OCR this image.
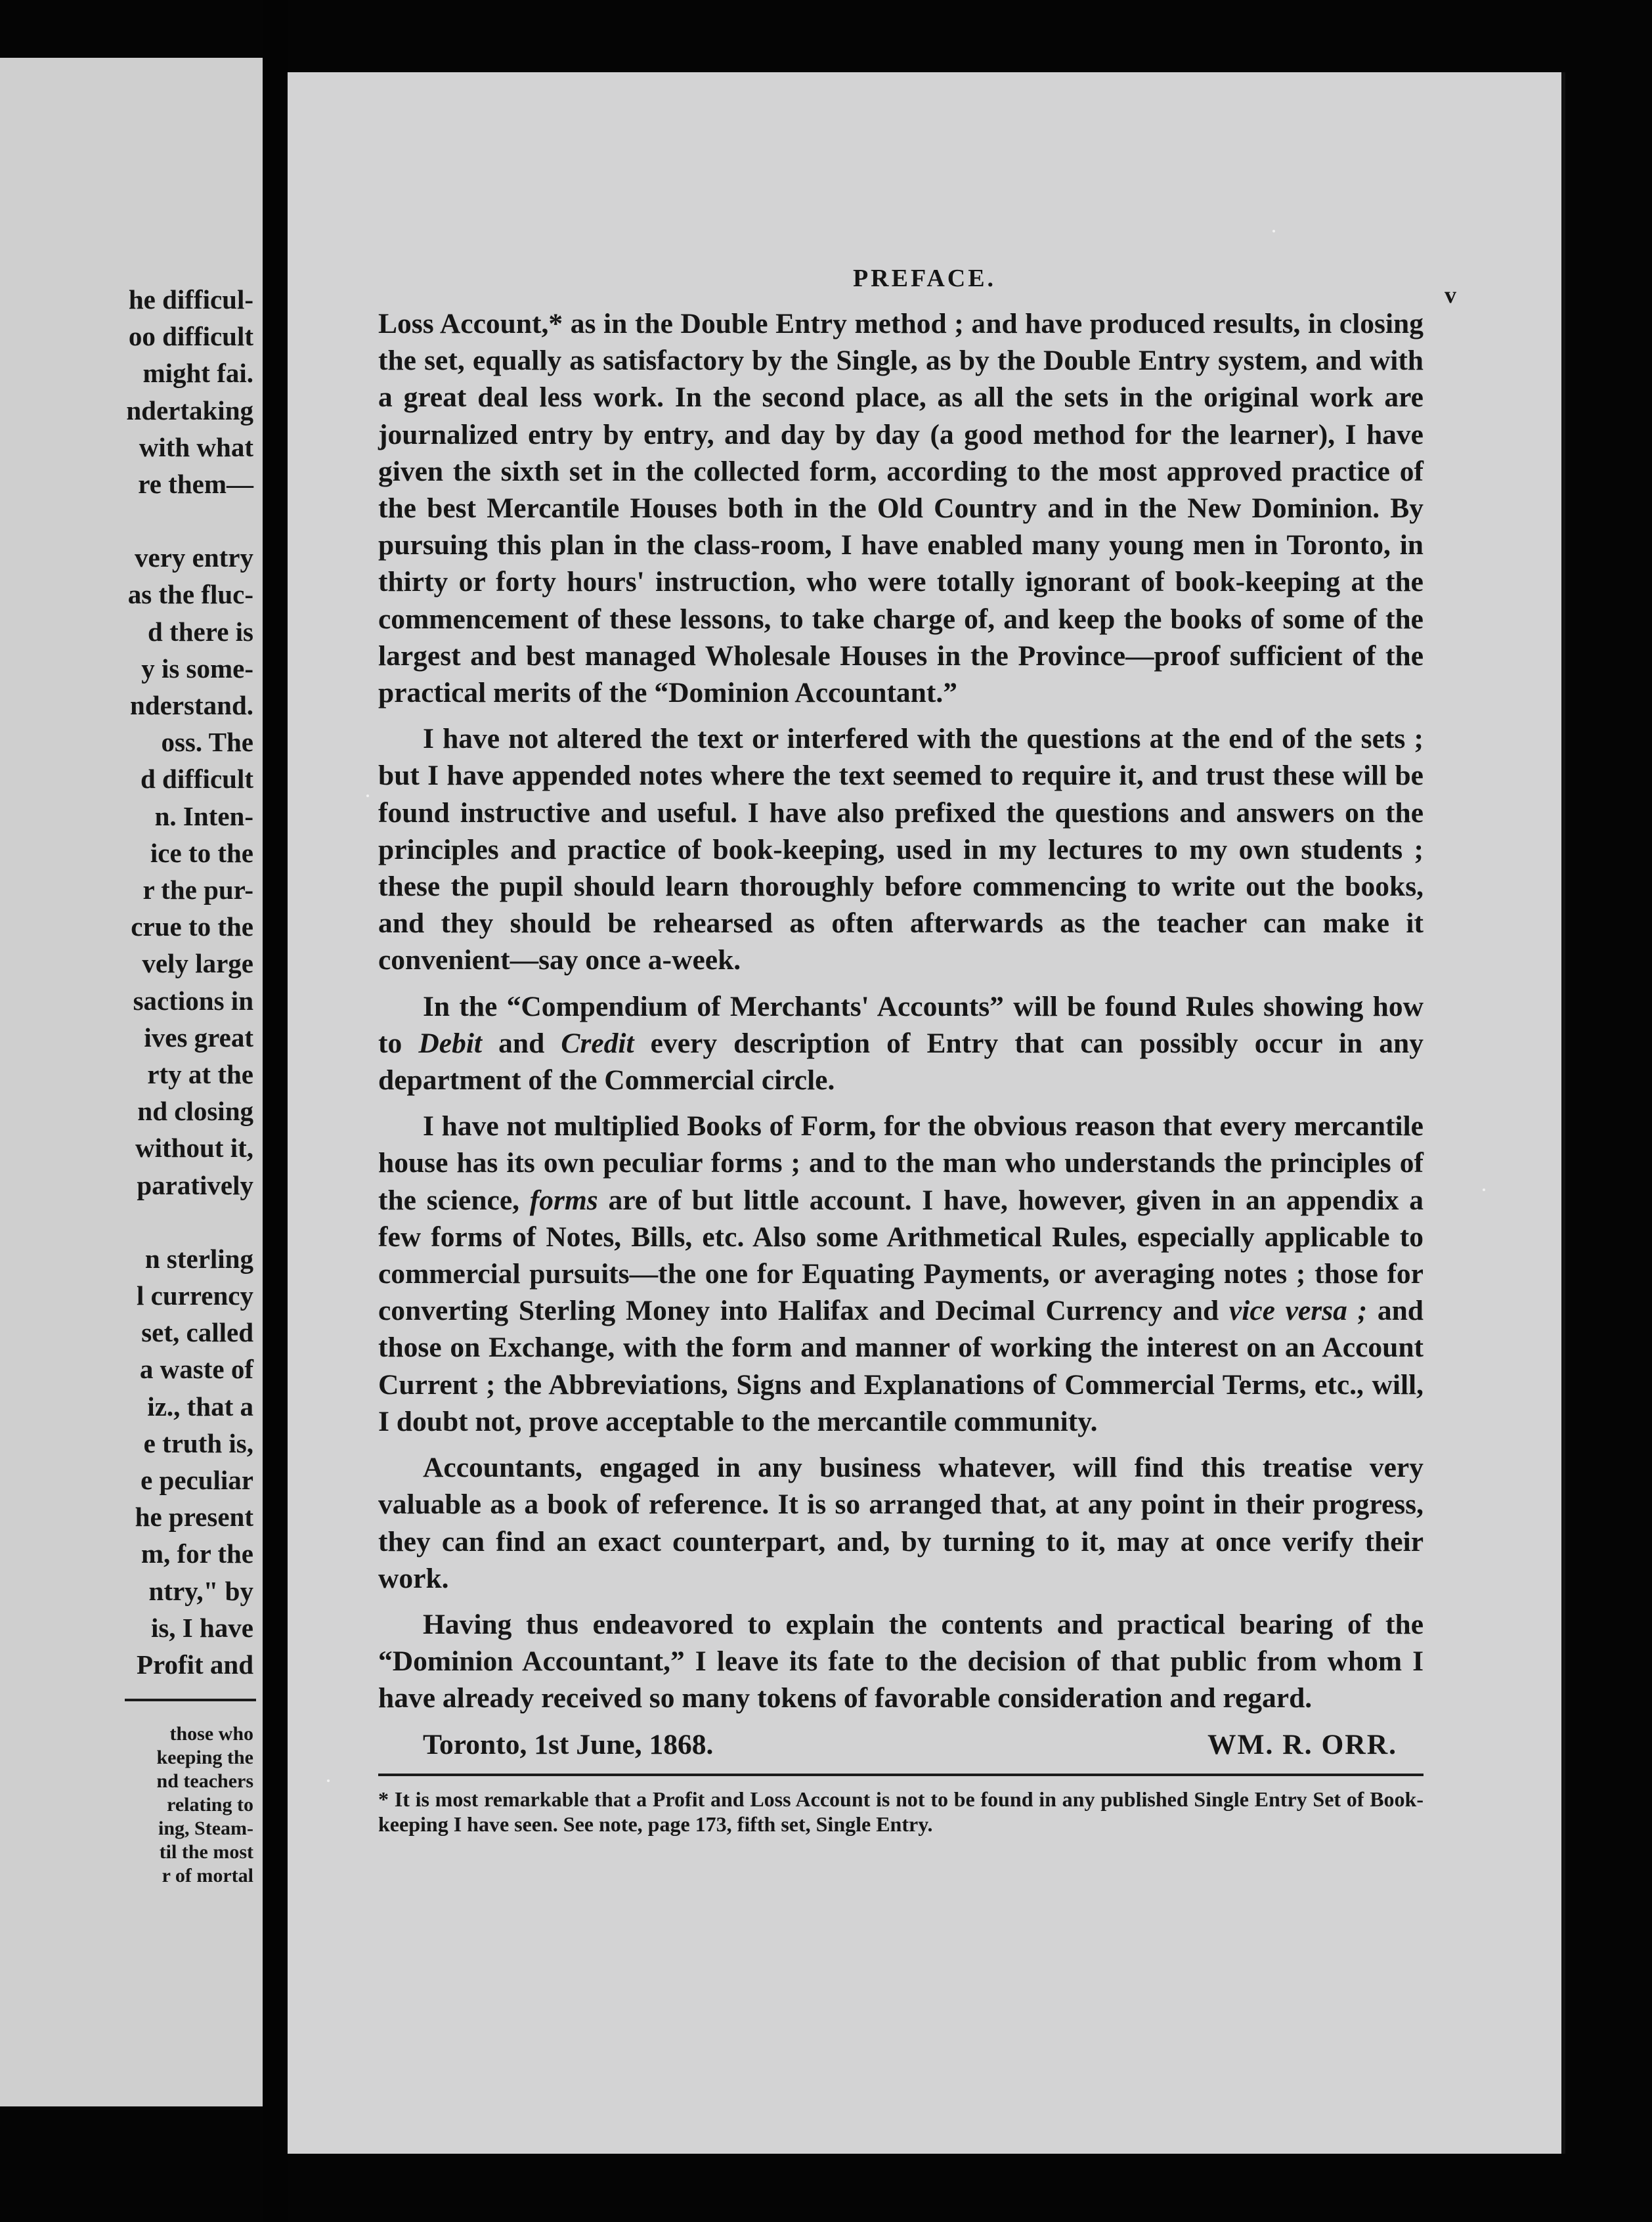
he difficul-
oo difficult
might fai.
ndertaking
with what
re them—
very entry
as the fluc-
d there is
y is some-
nderstand.
oss. The
d difficult
n. Inten-
ice to the
r the pur-
crue to the
vely large
sactions in
ives great
rty at the
nd closing
without it,
paratively
n sterling
l currency
set, called
a waste of
iz., that a
e truth is,
e peculiar
he present
m, for the
ntry," by
is, I have
Profit and
those who
keeping the
nd teachers
relating to
ing, Steam-
til the most
r of mortal
PREFACE.
v

Loss Account,* as in the Double Entry method ; and have produced results, in closing the set, equally as satisfactory by the Single, as by the Double Entry system, and with a great deal less work. In the second place, as all the sets in the original work are journalized entry by entry, and day by day (a good method for the learner), I have given the sixth set in the collected form, according to the most approved practice of the best Mercantile Houses both in the Old Country and in the New Dominion. By pursuing this plan in the class-room, I have enabled many young men in Toronto, in thirty or forty hours' instruction, who were totally ignorant of book-keeping at the commencement of these lessons, to take charge of, and keep the books of some of the largest and best managed Wholesale Houses in the Province—proof sufficient of the practical merits of the “Dominion Accountant.”

I have not altered the text or interfered with the questions at the end of the sets ; but I have appended notes where the text seemed to require it, and trust these will be found instructive and useful. I have also prefixed the questions and answers on the principles and practice of book-keeping, used in my lectures to my own students ; these the pupil should learn thoroughly before commencing to write out the books, and they should be rehearsed as often afterwards as the teacher can make it convenient—say once a-week.

In the “Compendium of Merchants' Accounts” will be found Rules showing how to Debit and Credit every description of Entry that can possibly occur in any department of the Commercial circle.

I have not multiplied Books of Form, for the obvious reason that every mercantile house has its own peculiar forms ; and to the man who understands the principles of the science, forms are of but little account. I have, however, given in an appendix a few forms of Notes, Bills, etc. Also some Arithmetical Rules, especially applicable to commercial pursuits—the one for Equating Payments, or averaging notes ; those for converting Sterling Money into Halifax and Decimal Currency and vice versa ; and those on Exchange, with the form and manner of working the interest on an Account Current ; the Abbreviations, Signs and Explanations of Commercial Terms, etc., will, I doubt not, prove acceptable to the mercantile community.

Accountants, engaged in any business whatever, will find this treatise very valuable as a book of reference. It is so arranged that, at any point in their progress, they can find an exact counterpart, and, by turning to it, may at once verify their work.

Having thus endeavored to explain the contents and practical bearing of the “Dominion Accountant,” I leave its fate to the decision of that public from whom I have already received so many tokens of favorable consideration and regard.

Toronto, 1st June, 1868.	WM. R. ORR.

* It is most remarkable that a Profit and Loss Account is not to be found in any published Single Entry Set of Book-keeping I have seen. See note, page 173, fifth set, Single Entry.
